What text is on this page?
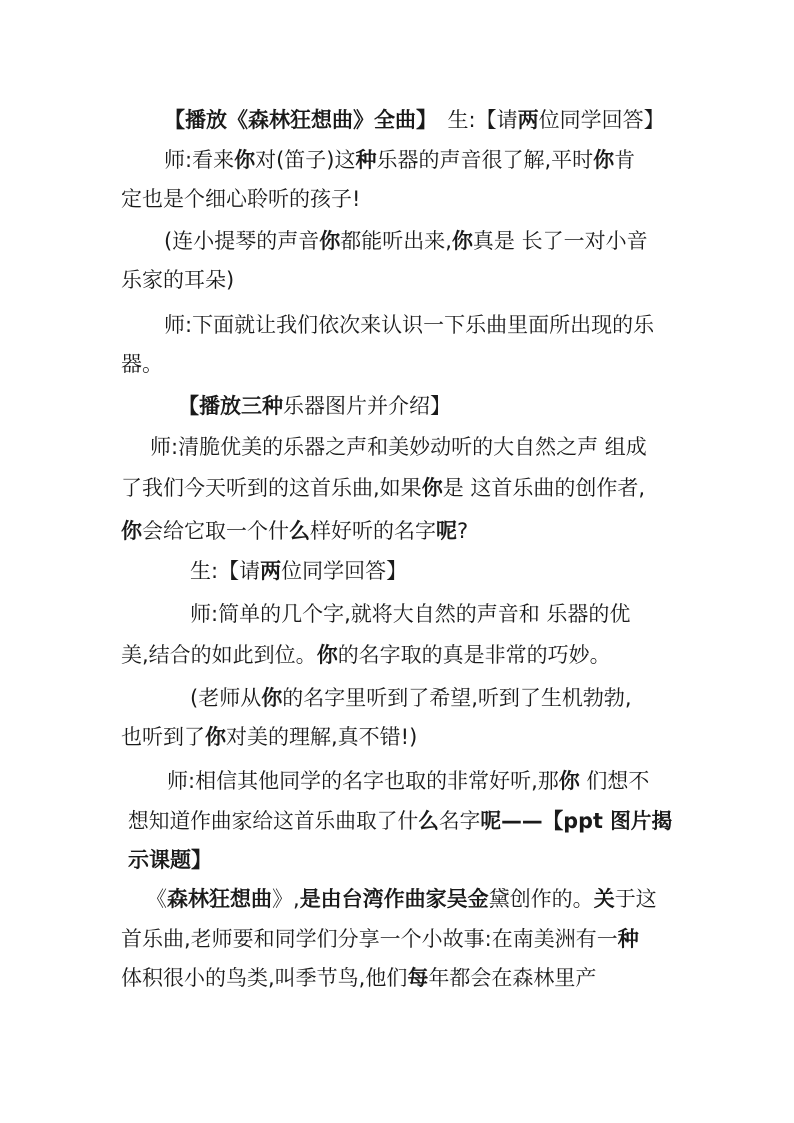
【播放《森林狂想曲》全曲】　生:【请两位同学回答】
师:看来你对(笛子)这种乐器的声音很了解,平时你肯
定也是个细心聆听的孩子!
(连小提琴的声音你都能听出来,你真是 长了一对小音
乐家的耳朵)
师:下面就让我们依次来认识一下乐曲里面所出现的乐
器。
【播放三种乐器图片并介绍】
师:清脆优美的乐器之声和美妙动听的大自然之声 组成
了我们今天听到的这首乐曲,如果你是 这首乐曲的创作者,
你会给它取一个什么样好听的名字呢?
生:【请两位同学回答】
师:简单的几个字,就将大自然的声音和 乐器的优
美,结合的如此到位。你的名字取的真是非常的巧妙。
(老师从你的名字里听到了希望,听到了生机勃勃,
也听到了你对美的理解,真不错!)
师:相信其他同学的名字也取的非常好听,那你 们想不
想知道作曲家给这首乐曲取了什么名字呢——【ppt 图片揭
示课题】
《森林狂想曲》,是由台湾作曲家吴金黛创作的。关于这
首乐曲,老师要和同学们分享一个小故事:在南美洲有一种
体积很小的鸟类,叫季节鸟,他们每年都会在森林里产
